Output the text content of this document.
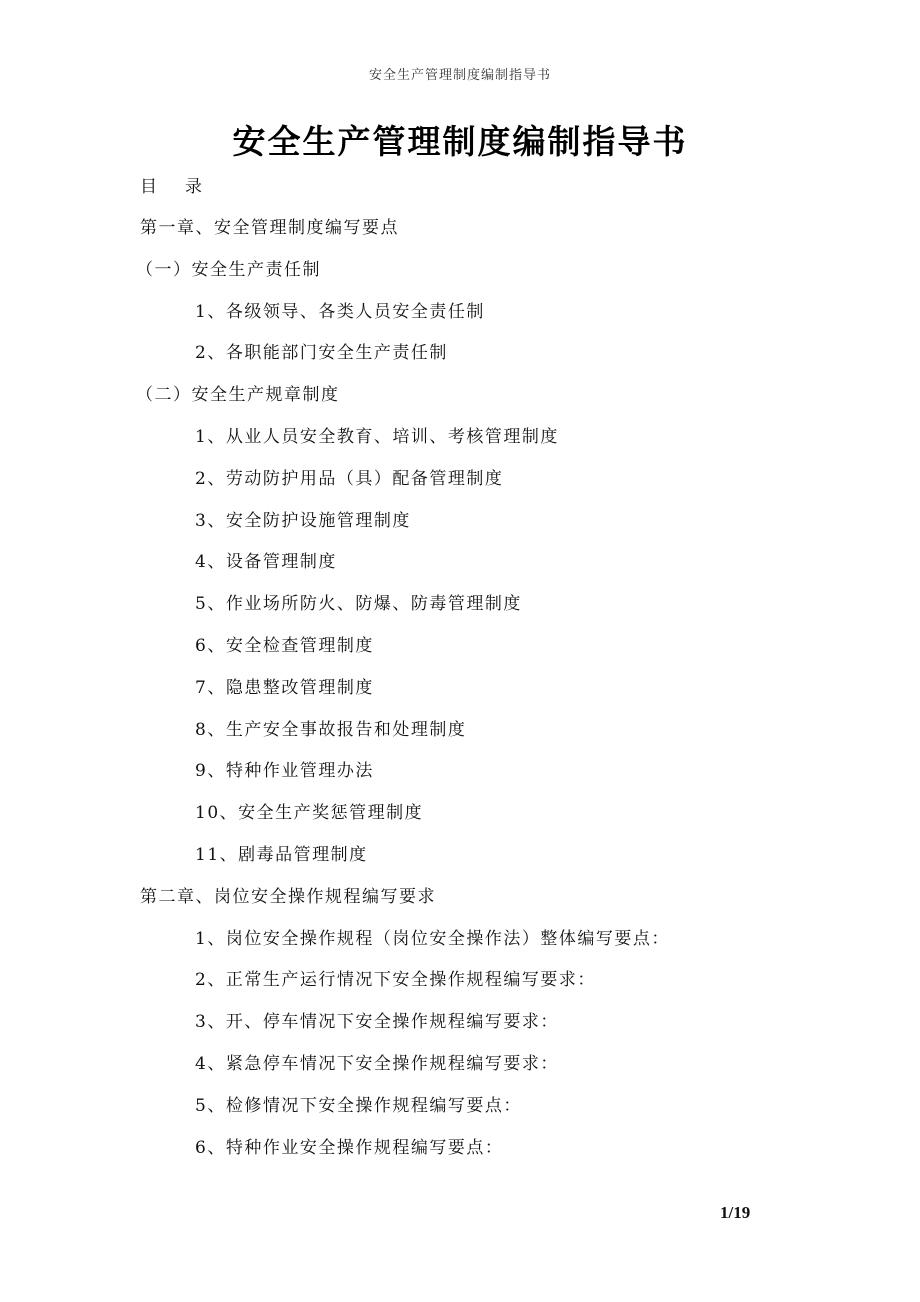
安全生产管理制度编制指导书
安全生产管理制度编制指导书
目 录
第一章、安全管理制度编写要点
（一）安全生产责任制
1、各级领导、各类人员安全责任制
2、各职能部门安全生产责任制
（二）安全生产规章制度
1、从业人员安全教育、培训、考核管理制度
2、劳动防护用品（具）配备管理制度
3、安全防护设施管理制度
4、设备管理制度
5、作业场所防火、防爆、防毒管理制度
6、安全检查管理制度
7、隐患整改管理制度
8、生产安全事故报告和处理制度
9、特种作业管理办法
10、安全生产奖惩管理制度
11、剧毒品管理制度
第二章、岗位安全操作规程编写要求
1、岗位安全操作规程（岗位安全操作法）整体编写要点：
2、正常生产运行情况下安全操作规程编写要求：
3、开、停车情况下安全操作规程编写要求：
4、紧急停车情况下安全操作规程编写要求：
5、检修情况下安全操作规程编写要点：
6、特种作业安全操作规程编写要点：
1/19
